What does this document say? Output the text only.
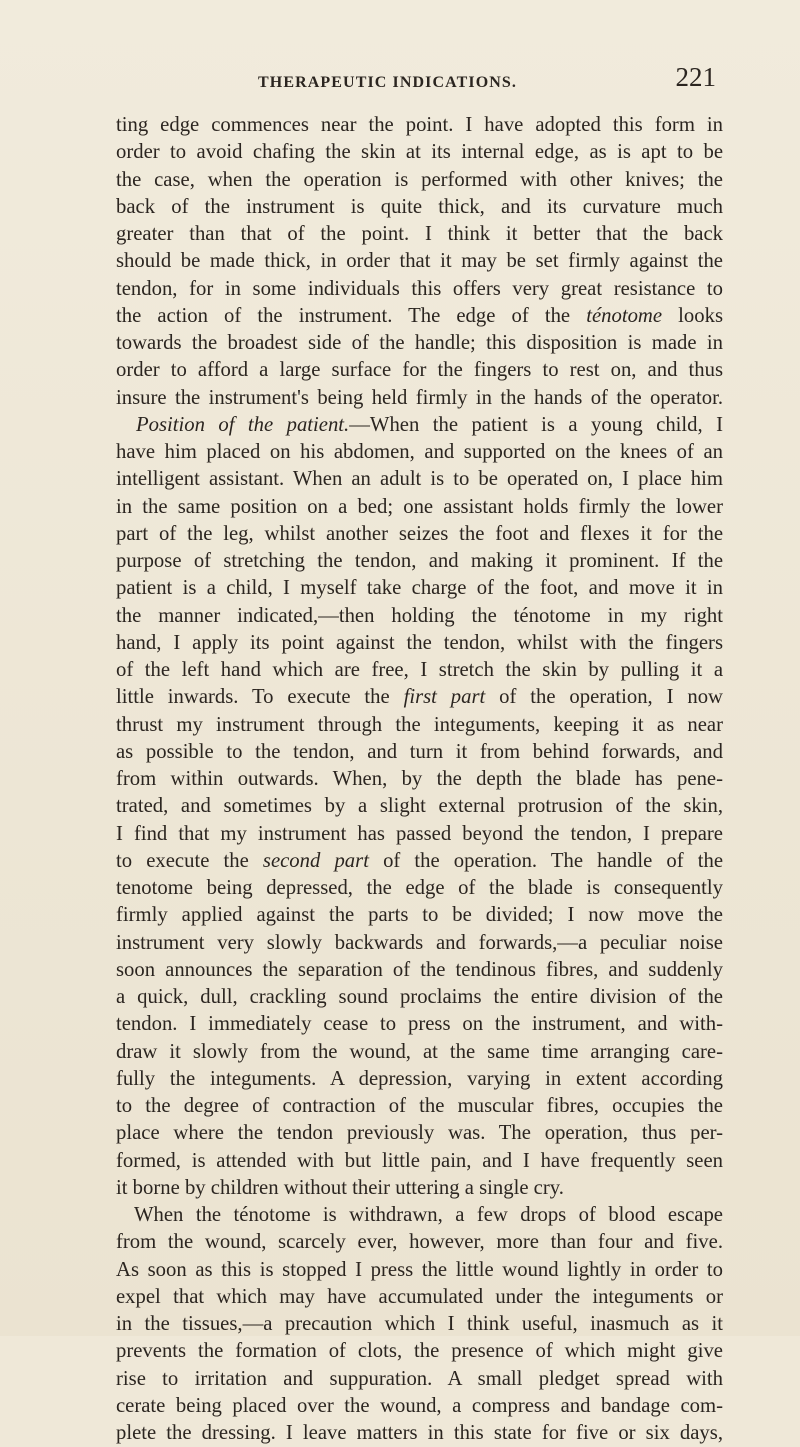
THERAPEUTIC INDICATIONS.	221
ting edge commences near the point. I have adopted this form in
order to avoid chafing the skin at its internal edge, as is apt to be
the case, when the operation is performed with other knives; the
back of the instrument is quite thick, and its curvature much
greater than that of the point. I think it better that the back
should be made thick, in order that it may be set firmly against the
tendon, for in some individuals this offers very great resistance to
the action of the instrument. The edge of the ténotome looks
towards the broadest side of the handle; this disposition is made in
order to afford a large surface for the fingers to rest on, and thus
insure the instrument's being held firmly in the hands of the operator.
Position of the patient.—When the patient is a young child, I
have him placed on his abdomen, and supported on the knees of an
intelligent assistant. When an adult is to be operated on, I place him
in the same position on a bed; one assistant holds firmly the lower
part of the leg, whilst another seizes the foot and flexes it for the
purpose of stretching the tendon, and making it prominent. If the
patient is a child, I myself take charge of the foot, and move it in
the manner indicated,—then holding the ténotome in my right
hand, I apply its point against the tendon, whilst with the fingers
of the left hand which are free, I stretch the skin by pulling it a
little inwards. To execute the first part of the operation, I now
thrust my instrument through the integuments, keeping it as near
as possible to the tendon, and turn it from behind forwards, and
from within outwards. When, by the depth the blade has pene-
trated, and sometimes by a slight external protrusion of the skin,
I find that my instrument has passed beyond the tendon, I prepare
to execute the second part of the operation. The handle of the
tenotome being depressed, the edge of the blade is consequently
firmly applied against the parts to be divided; I now move the
instrument very slowly backwards and forwards,—a peculiar noise
soon announces the separation of the tendinous fibres, and suddenly
a quick, dull, crackling sound proclaims the entire division of the
tendon. I immediately cease to press on the instrument, and with-
draw it slowly from the wound, at the same time arranging care-
fully the integuments. A depression, varying in extent according
to the degree of contraction of the muscular fibres, occupies the
place where the tendon previously was. The operation, thus per-
formed, is attended with but little pain, and I have frequently seen
it borne by children without their uttering a single cry.
When the ténotome is withdrawn, a few drops of blood escape
from the wound, scarcely ever, however, more than four and five.
As soon as this is stopped I press the little wound lightly in order to
expel that which may have accumulated under the integuments or
in the tissues,—a precaution which I think useful, inasmuch as it
prevents the formation of clots, the presence of which might give
rise to irritation and suppuration. A small pledget spread with
cerate being placed over the wound, a compress and bandage com-
plete the dressing. I leave matters in this state for five or six days,
